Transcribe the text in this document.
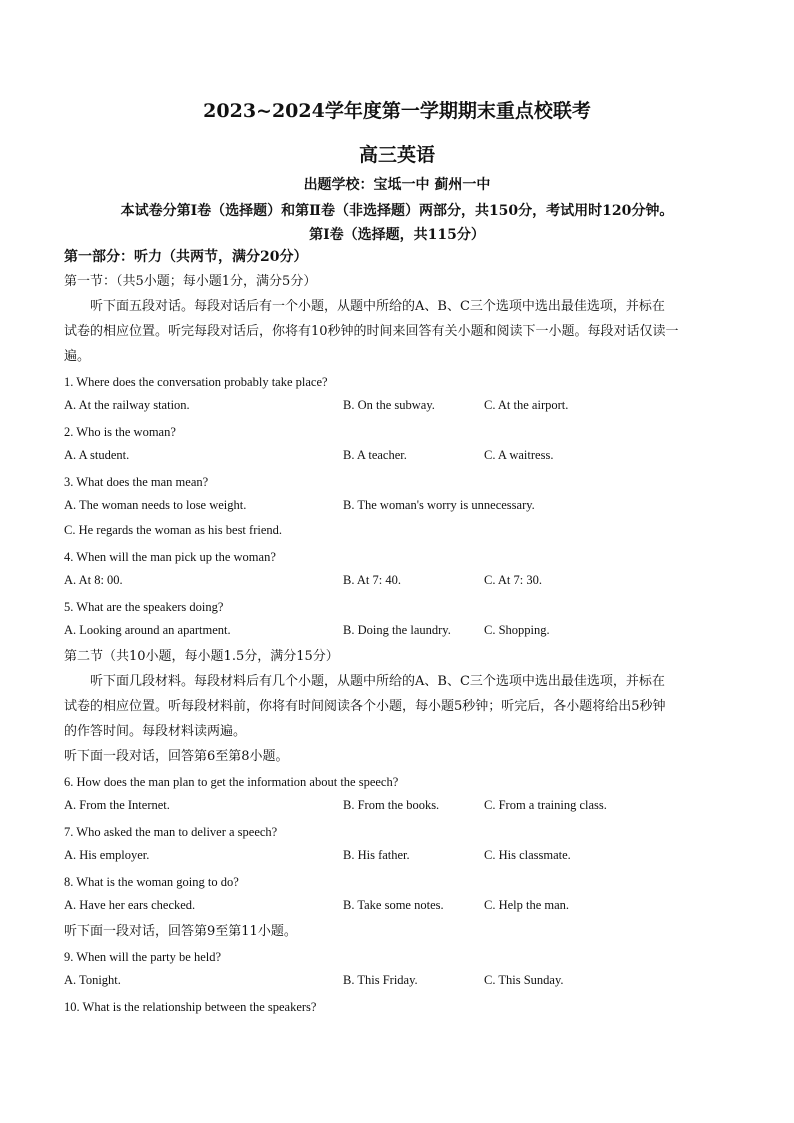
2023~2024学年度第一学期期末重点校联考
高三英语
出题学校：宝坻一中 蓟州一中
本试卷分第Ⅰ卷（选择题）和第Ⅱ卷（非选择题）两部分，共150分，考试用时120分钟。
第Ⅰ卷（选择题，共115分）
第一部分：听力（共两节，满分20分）
第一节：（共5小题；每小题1分，满分5分）
听下面五段对话。每段对话后有一个小题，从题中所给的A、B、C三个选项中选出最佳选项，并标在
试卷的相应位置。听完每段对话后，你将有10秒钟的时间来回答有关小题和阅读下一小题。每段对话仅读一
遍。
1. Where does the conversation probably take place?
A. At the railway station.	B. On the subway.	C. At the airport.
2. Who is the woman?
A. A student.	B. A teacher.	C. A waitress.
3. What does the man mean?
A. The woman needs to lose weight.	B. The woman's worry is unnecessary.
C. He regards the woman as his best friend.
4. When will the man pick up the woman?
A. At 8: 00.	B. At 7: 40.	C. At 7: 30.
5. What are the speakers doing?
A. Looking around an apartment.	B. Doing the laundry.	C. Shopping.
第二节（共10小题，每小题1.5分，满分15分）
听下面几段材料。每段材料后有几个小题，从题中所给的A、B、C三个选项中选出最佳选项，并标在
试卷的相应位置。听每段材料前，你将有时间阅读各个小题，每小题5秒钟；听完后，各小题将给出5秒钟
的作答时间。每段材料读两遍。
听下面一段对话，回答第6至第8小题。
6. How does the man plan to get the information about the speech?
A. From the Internet.	B. From the books.	C. From a training class.
7. Who asked the man to deliver a speech?
A. His employer.	B. His father.	C. His classmate.
8. What is the woman going to do?
A. Have her ears checked.	B. Take some notes.	C. Help the man.
听下面一段对话，回答第9至第11小题。
9. When will the party be held?
A. Tonight.	B. This Friday.	C. This Sunday.
10. What is the relationship between the speakers?
